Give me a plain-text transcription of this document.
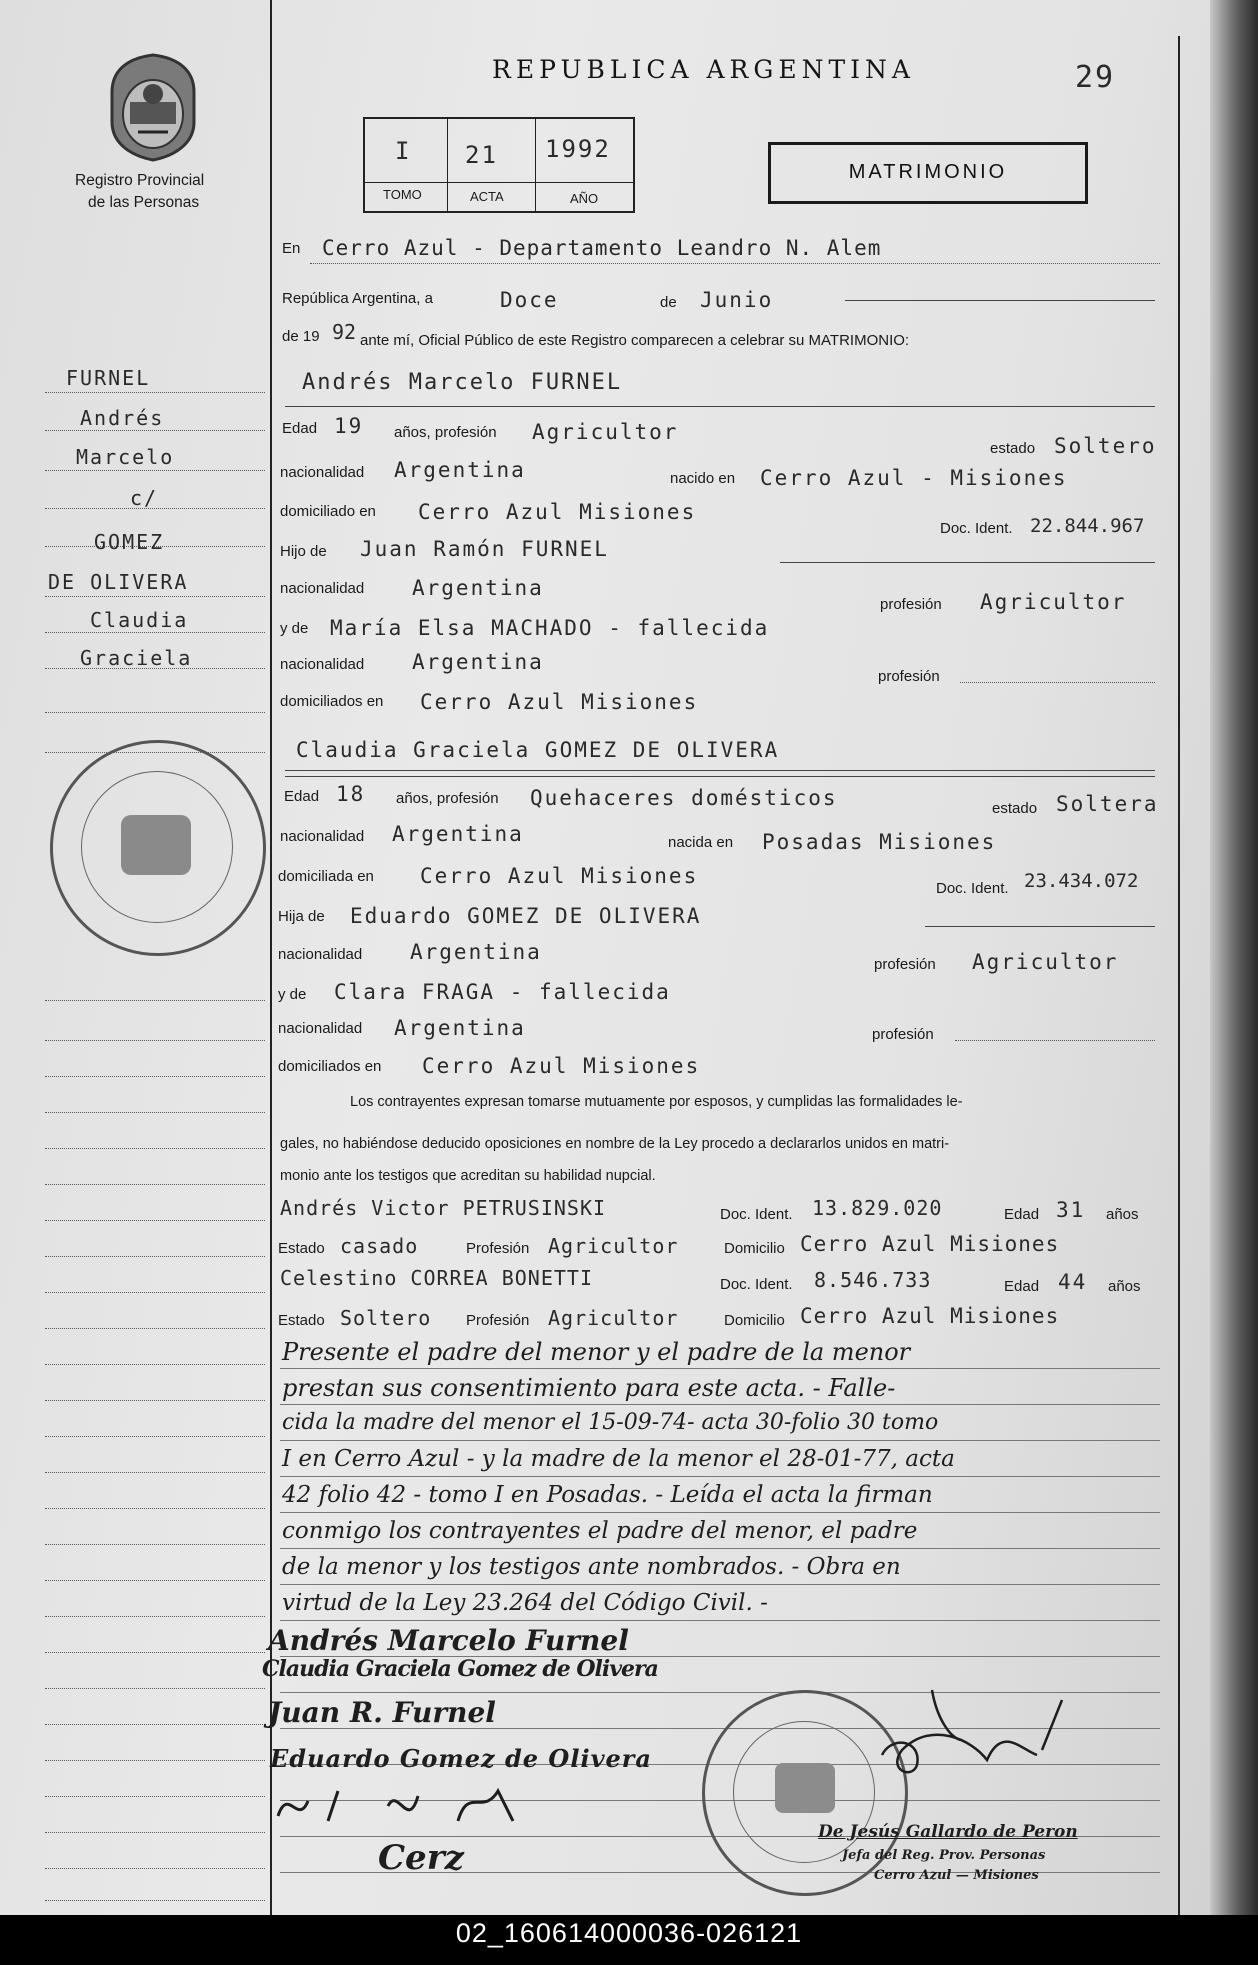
Registro Provincial
de las Personas
REPUBLICA ARGENTINA	29
I 21 1992
TOMO	ACTA	AÑO
MATRIMONIO
FURNEL
Andrés
Marcelo
c/
GOMEZ
DE OLIVERA
Claudia
Graciela
En Cerro Azul - Departamento Leandro N. Alem
República Argentina, a	Doce	de Junio
de 19 92 ante mí, Oficial Público de este Registro comparecen a celebrar su MATRIMONIO:
Andrés Marcelo FURNEL
Edad 19 años, profesión Agricultor
estado Soltero
nacionalidad Argentina	nacido en Cerro Azul - Misiones
domiciliado en Cerro Azul Misiones
Doc. Ident. 22.844.967
Hijo de Juan Ramón FURNEL
nacionalidad Argentina
profesión Agricultor
y de María Elsa MACHADO - fallecida
nacionalidad Argentina
profesión
domiciliados en Cerro Azul Misiones
Claudia Graciela GOMEZ DE OLIVERA
Edad 18 años, profesión Quehaceres domésticos	estado Soltera
nacionalidad Argentina	nacida en Posadas Misiones
domiciliada en Cerro Azul Misiones
Doc. Ident. 23.434.072
Hija de Eduardo GOMEZ DE OLIVERA
nacionalidad Argentina
profesión Agricultor
y de Clara FRAGA - fallecida
nacionalidad Argentina	profesión
domiciliados en Cerro Azul Misiones
Los contrayentes expresan tomarse mutuamente por esposos, y cumplidas las formalidades le-
gales, no habiéndose deducido oposiciones en nombre de la Ley procedo a declararlos unidos en matri-
monio ante los testigos que acreditan su habilidad nupcial.
Andrés Victor PETRUSINSKI	Doc. Ident. 13.829.020	Edad 31 años
Estado casado	Profesión Agricultor	Domicilio Cerro Azul Misiones
Celestino CORREA BONETTI	Doc. Ident. 8.546.733	Edad 44 años
Estado Soltero Profesión Agricultor	Domicilio Cerro Azul Misiones
Presente el padre del menor y el padre de la menor
prestan sus consentimiento para este acta. - Falle-
cida la madre del menor el 15-09-74- acta 30-folio 30 tomo
I en Cerro Azul - y la madre de la menor el 28-01-77, acta
42 folio 42 - tomo I en Posadas. - Leída el acta la firman
conmigo los contrayentes el padre del menor, el padre
de la menor y los testigos ante nombrados. - Obra en
virtud de la Ley 23.264 del Código Civil. -
Andrés Marcelo Furnel
Claudia Graciela Gomez de Olivera
Juan R. Furnel
Eduardo Gomez de Olivera
Cerz
De Jesús Gallardo de Peron
Jefa del Reg. Prov. Personas
Cerro Azul — Misiones
02_160614000036-026121
